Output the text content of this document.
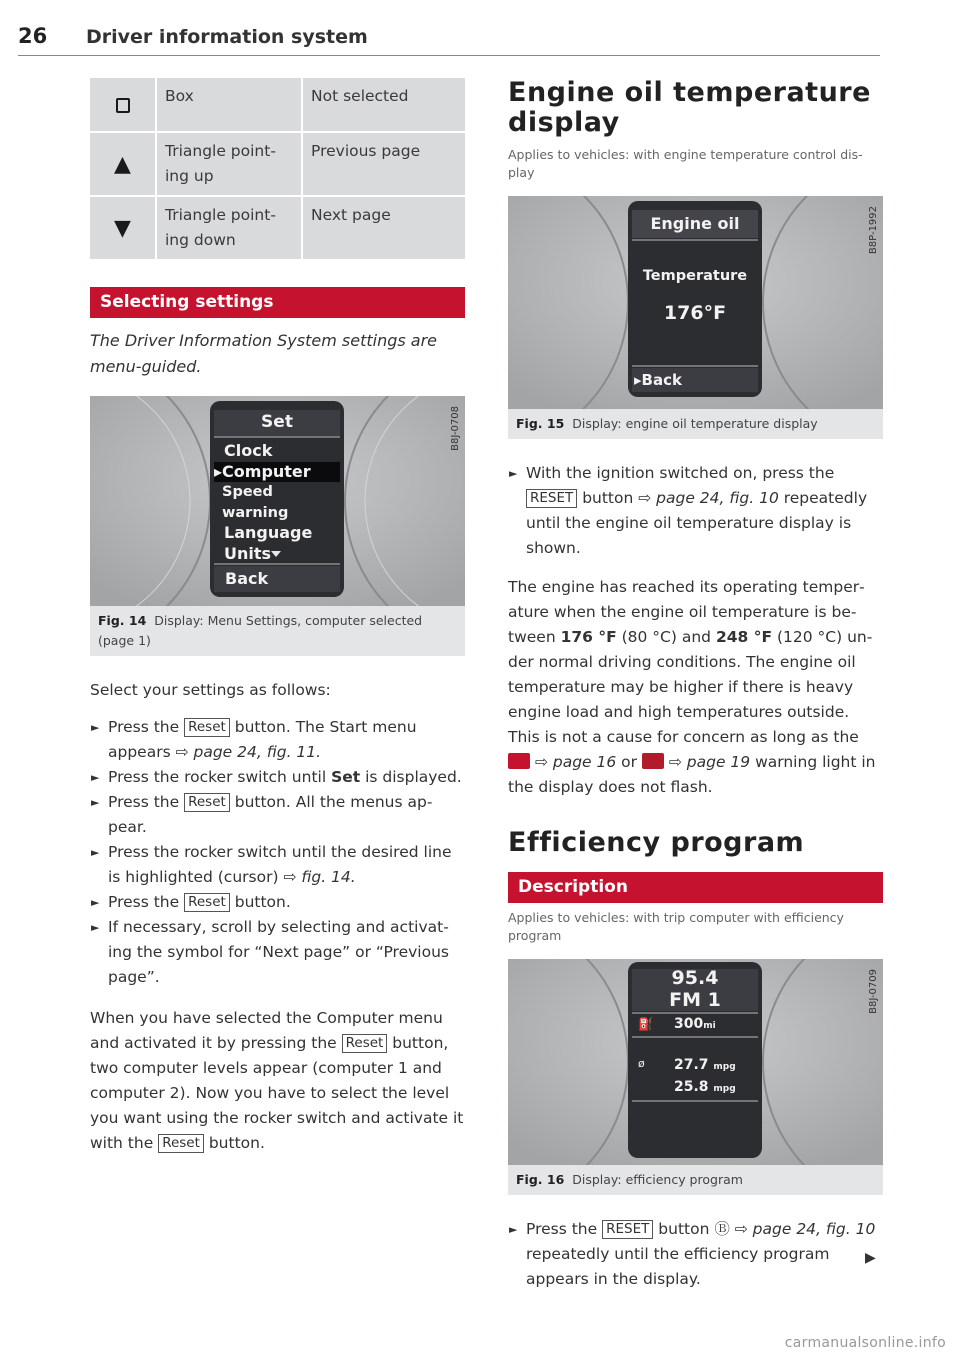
26 Driver information system
	Box	Not selected
▲	Triangle point-ing up	Previous page
▼	Triangle point-ing down	Next page
Selecting settings

The Driver Information System settings are menu-guided.

Set
Clock
▸Computer
Speed warning
Language
Units
Back
B8J-0708
Fig. 14 Display: Menu Settings, computer selected (page 1)

Select your settings as follows:

► Press the Reset button. The Start menu appears ⇨ page 24, fig. 11.
► Press the rocker switch until Set is displayed.
► Press the Reset button. All the menus appear.
► Press the rocker switch until the desired line is highlighted (cursor) ⇨ fig. 14.
► Press the Reset button.
► If necessary, scroll by selecting and activating the symbol for “Next page” or “Previous page”.

When you have selected the Computer menu and activated it by pressing the Reset button, two computer levels appear (computer 1 and computer 2). Now you have to select the level you want using the rocker switch and activate it with the Reset button.

Engine oil temperature display

Applies to vehicles: with engine temperature control dis-play

Engine oil
Temperature
176°F
▸Back
B8P-1992
Fig. 15 Display: engine oil temperature display
► With the ignition switched on, press the RESET button ⇨ page 24, fig. 10 repeatedly until the engine oil temperature display is shown.

The engine has reached its operating temperature when the engine oil temperature is between 176 °F (80 °C) and 248 °F (120 °C) under normal driving conditions. The engine oil temperature may be higher if there is heavy engine load and high temperatures outside. This is not a cause for concern as long as the  ⇨ page 16 or  ⇨ page 19 warning light in the display does not flash.

Efficiency program
Description

Applies to vehicles: with trip computer with efficiency program

95.4
FM 1
⛽ 300mi
ø 27.7 mpg
25.8 mpg
B8J-0709
Fig. 16 Display: efficiency program
► Press the RESET button Ⓑ ⇨ page 24, fig. 10 repeatedly until the efficiency program appears in the display.
▶
carmanualsonline.info
